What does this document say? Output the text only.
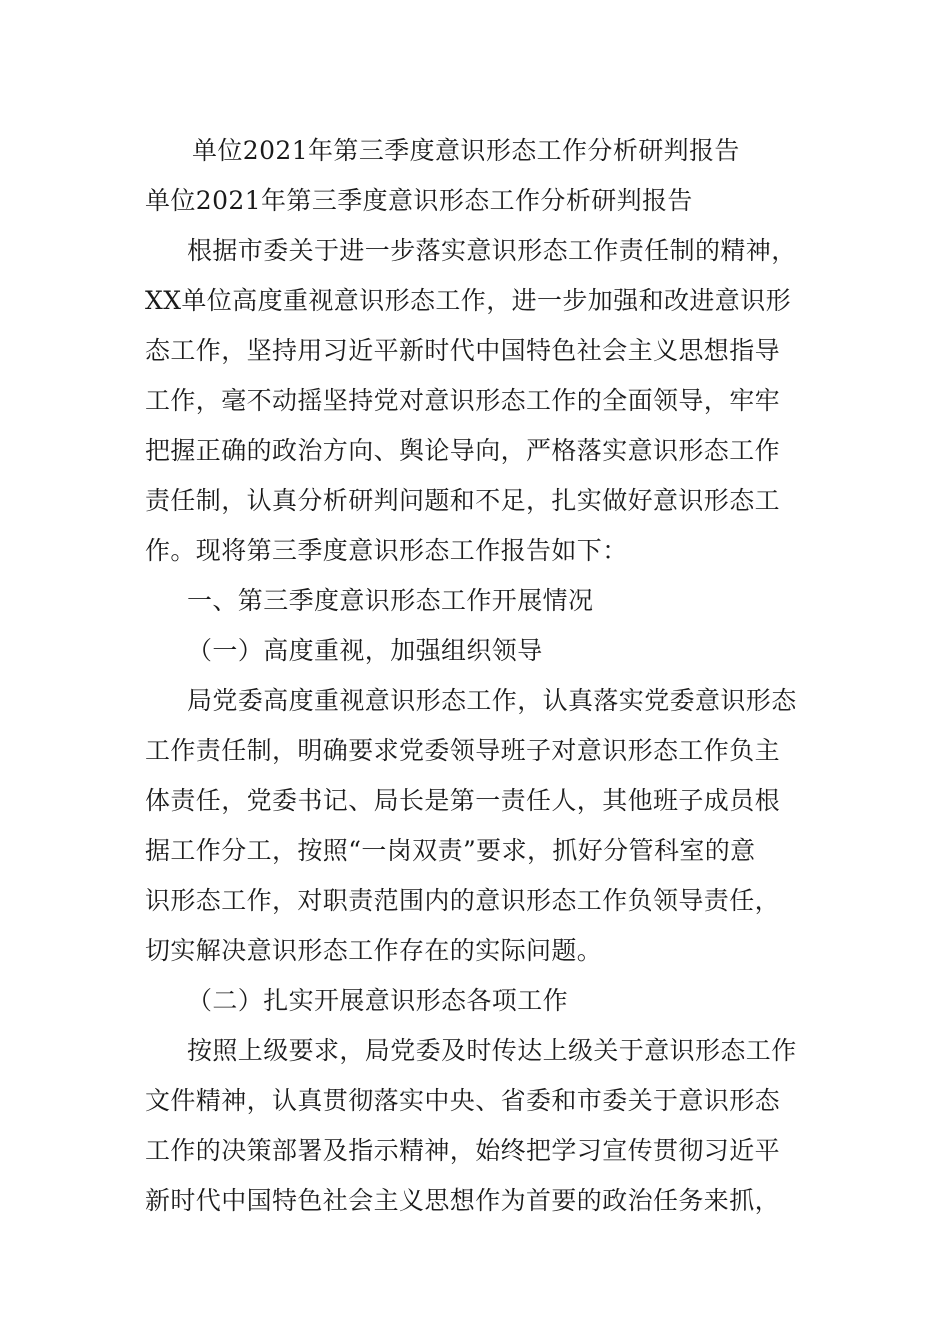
单位2021年第三季度意识形态工作分析研判报告
单位2021年第三季度意识形态工作分析研判报告
根据市委关于进一步落实意识形态工作责任制的精神，
XX单位高度重视意识形态工作，进一步加强和改进意识形
态工作，坚持用习近平新时代中国特色社会主义思想指导
工作，毫不动摇坚持党对意识形态工作的全面领导，牢牢
把握正确的政治方向、舆论导向，严格落实意识形态工作
责任制，认真分析研判问题和不足，扎实做好意识形态工
作。现将第三季度意识形态工作报告如下：
一、第三季度意识形态工作开展情况
（一）高度重视，加强组织领导
局党委高度重视意识形态工作，认真落实党委意识形态
工作责任制，明确要求党委领导班子对意识形态工作负主
体责任，党委书记、局长是第一责任人，其他班子成员根
据工作分工，按照“一岗双责”要求，抓好分管科室的意
识形态工作，对职责范围内的意识形态工作负领导责任，
切实解决意识形态工作存在的实际问题。
（二）扎实开展意识形态各项工作
按照上级要求，局党委及时传达上级关于意识形态工作
文件精神，认真贯彻落实中央、省委和市委关于意识形态
工作的决策部署及指示精神，始终把学习宣传贯彻习近平
新时代中国特色社会主义思想作为首要的政治任务来抓，
